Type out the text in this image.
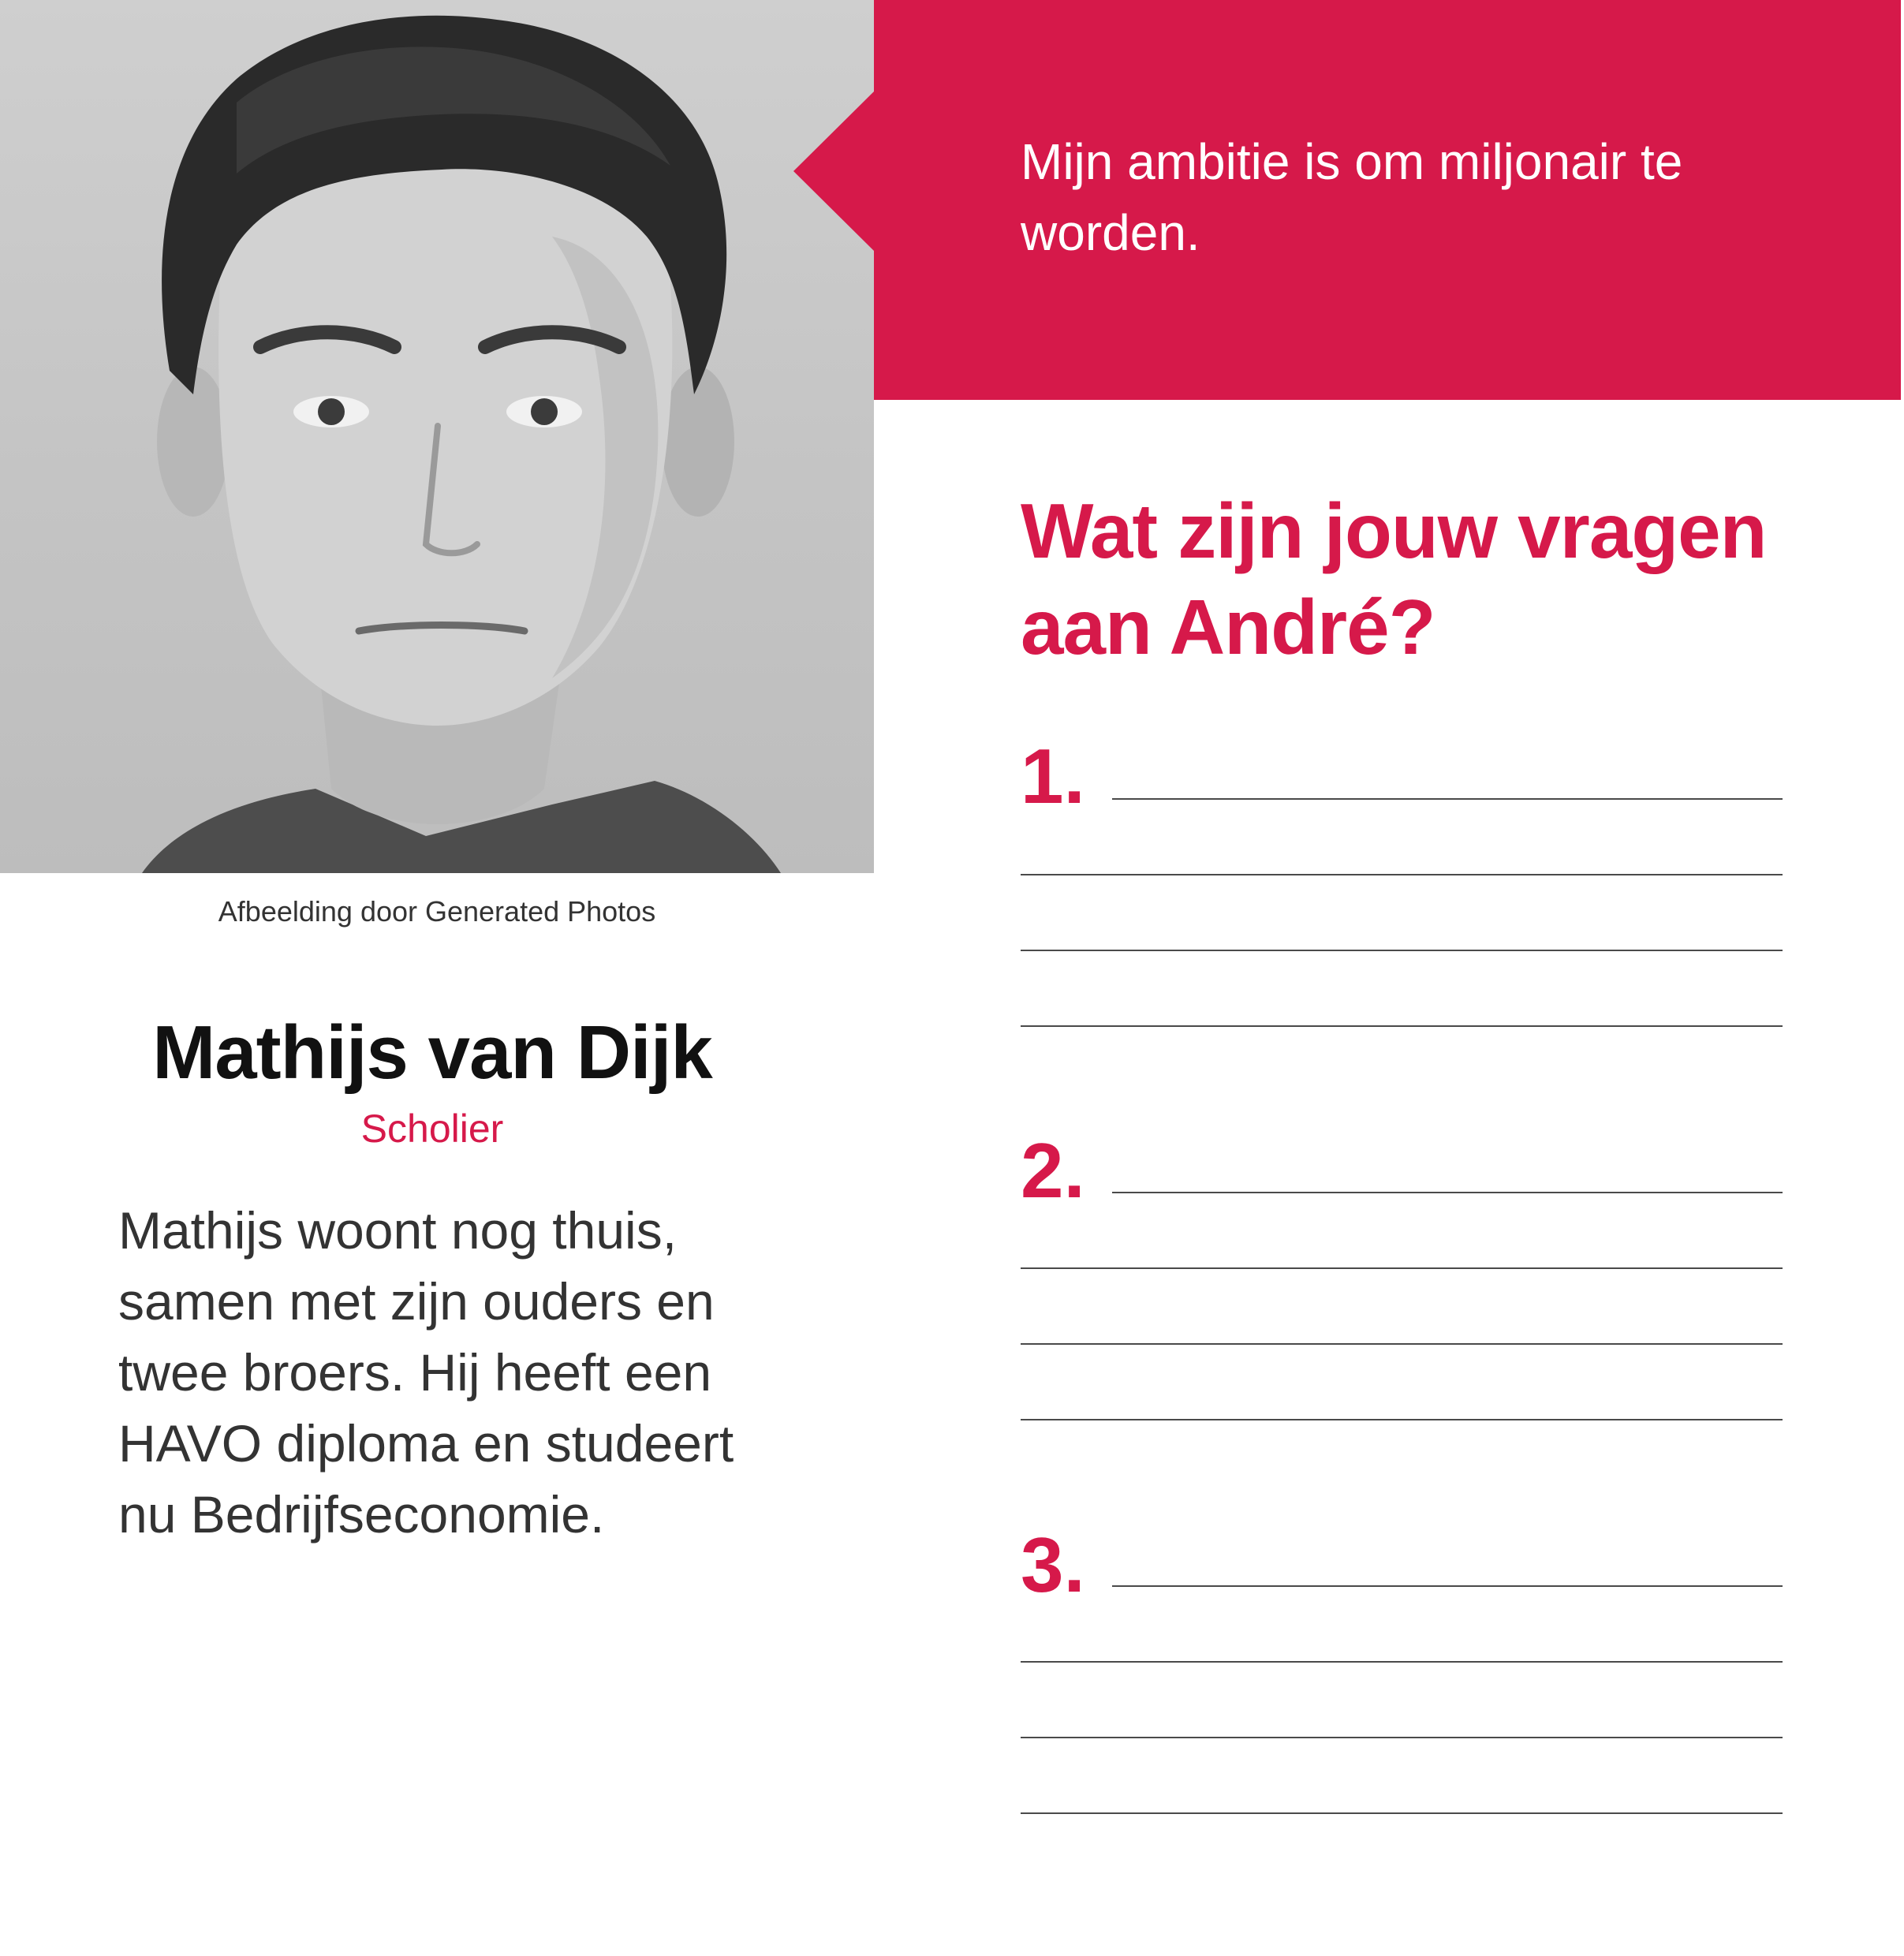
Afbeelding door Generated Photos
Mathijs van Dijk
Scholier
Mathijs woont nog thuis, samen met zijn ouders en twee broers. Hij heeft een HAVO diploma en studeert nu Bedrijfseconomie.
Mijn ambitie is om miljonair te worden.
Wat zijn jouw vragen aan André?
1.
2.
3.
